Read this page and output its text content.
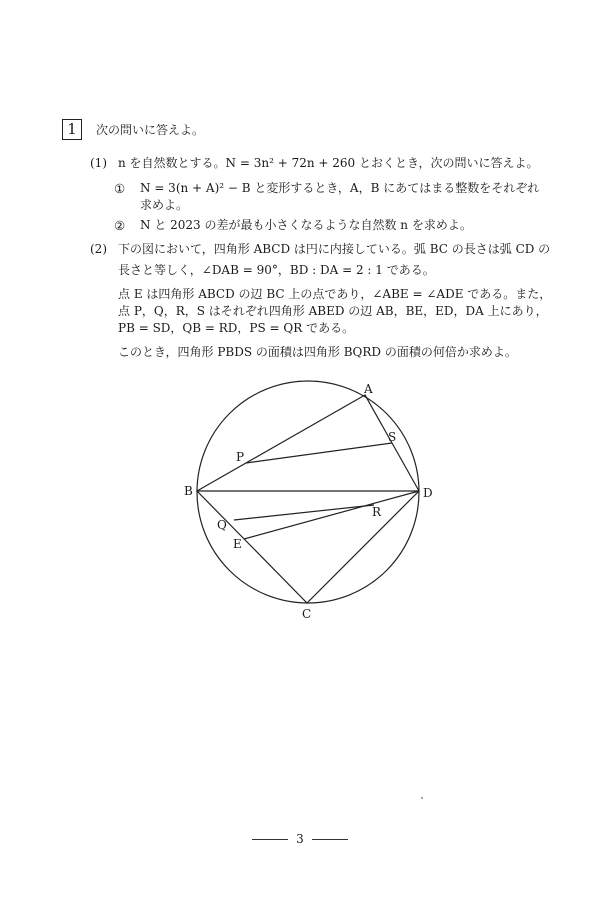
1	次の問いに答えよ。
(1) n を自然数とする。N = 3n² + 72n + 260 とおくとき，次の問いに答えよ。
① N = 3(n + A)² − B と変形するとき，A，B にあてはまる整数をそれぞれ
求めよ。
② N と 2023 の差が最も小さくなるような自然数 n を求めよ。
(2) 下の図において，四角形 ABCD は円に内接している。弧 BC の長さは弧 CD の
長さと等しく，∠DAB = 90°，BD : DA = 2 : 1 である。
点 E は四角形 ABCD の辺 BC 上の点であり，∠ABE = ∠ADE である。また，
点 P，Q，R，S はそれぞれ四角形 ABED の辺 AB，BE，ED，DA 上にあり，
PB = SD，QB = RD，PS = QR である。
このとき，四角形 PBDS の面積は四角形 BQRD の面積の何倍か求めよ。
A
B
C
D
E
P
Q
R
S
3
